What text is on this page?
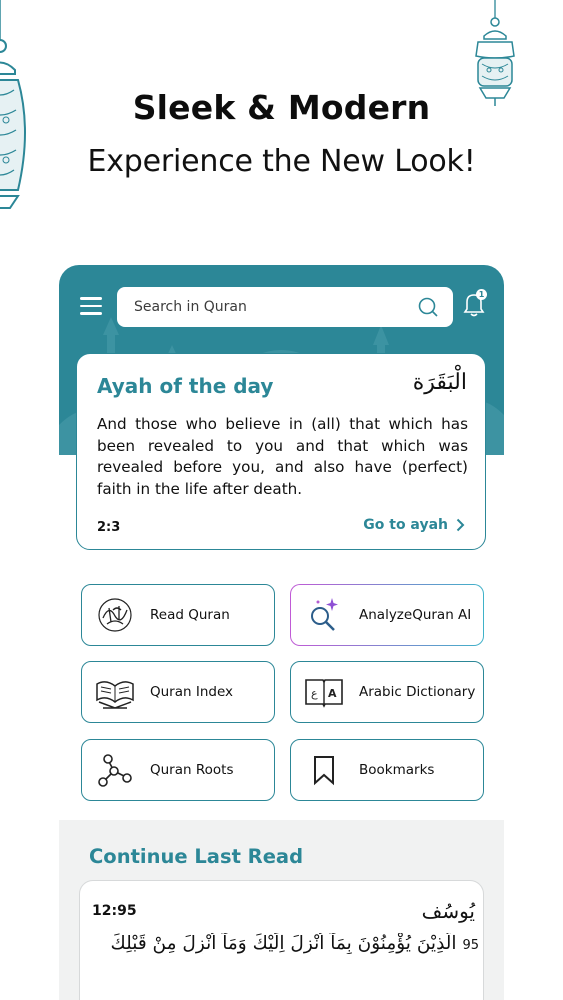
Sleek & Modern
Experience the New Look!
Search in Quran
1
Ayah of the day	الْبَقَرَة
And those who believe in (all) that which has been revealed to you and that which was revealed before you, and also have (perfect) faith in the life after death.
2:3	Go to ayah
Read Quran	AnalyzeQuran AI
Quran Index	ع A Arabic Dictionary
Quran Roots	Bookmarks
Continue Last Read
12:95	يُوسُف
95 الَّذِيْنَ يُؤْمِنُوْنَ بِمَآ اُنْزِلَ اِلَيْكَ وَمَآ اُنْزِلَ مِنْ قَبْلِكَ
